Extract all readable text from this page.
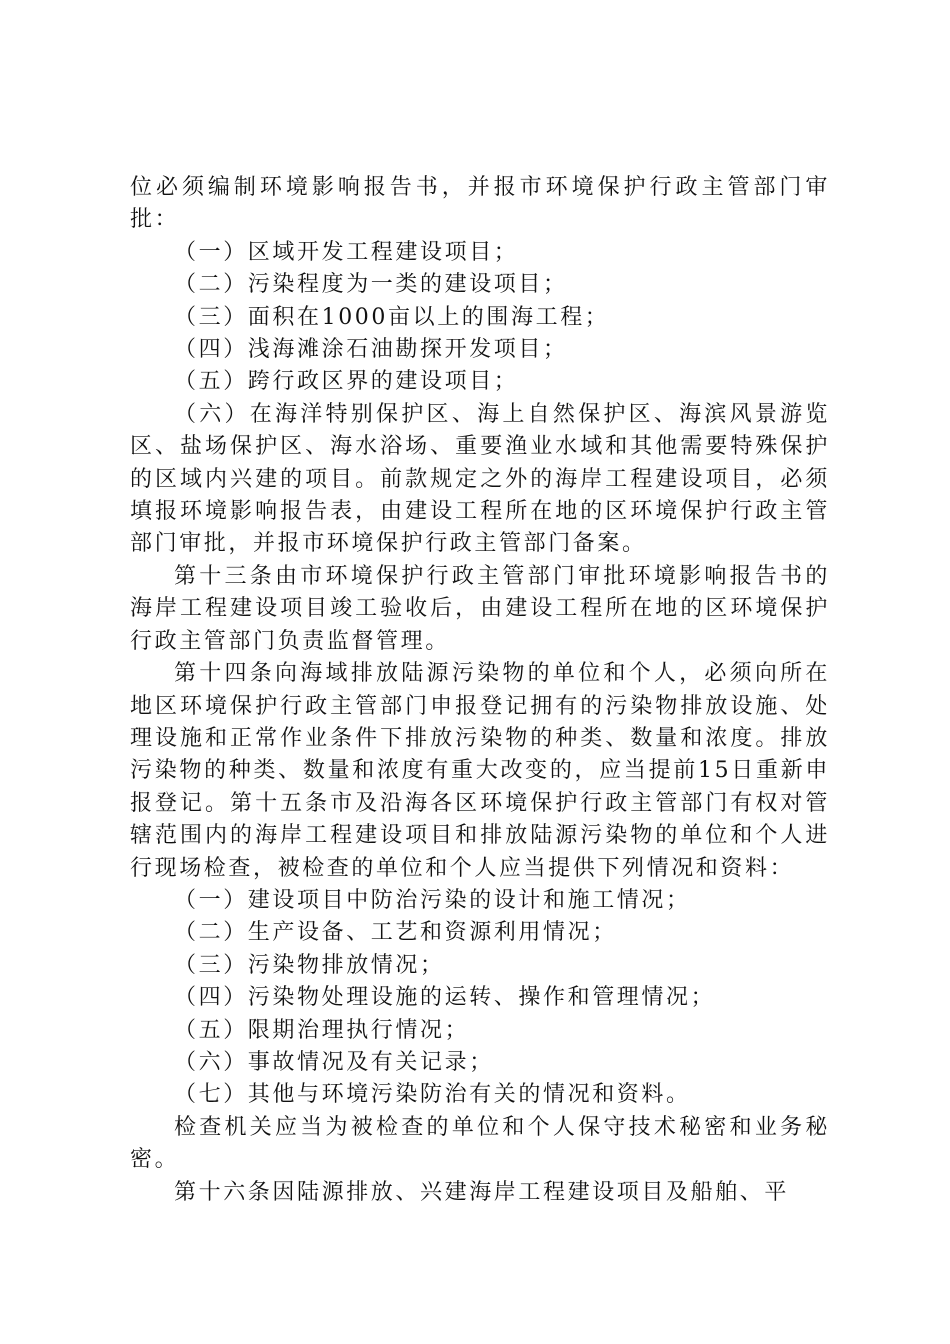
位必须编制环境影响报告书，并报市环境保护行政主管部门审批：

（一）区域开发工程建设项目；

（二）污染程度为一类的建设项目；

（三）面积在1000亩以上的围海工程；

（四）浅海滩涂石油勘探开发项目；

（五）跨行政区界的建设项目；

（六）在海洋特别保护区、海上自然保护区、海滨风景游览区、盐场保护区、海水浴场、重要渔业水域和其他需要特殊保护的区域内兴建的项目。前款规定之外的海岸工程建设项目，必须填报环境影响报告表，由建设工程所在地的区环境保护行政主管部门审批，并报市环境保护行政主管部门备案。

第十三条由市环境保护行政主管部门审批环境影响报告书的海岸工程建设项目竣工验收后，由建设工程所在地的区环境保护行政主管部门负责监督管理。

第十四条向海域排放陆源污染物的单位和个人，必须向所在地区环境保护行政主管部门申报登记拥有的污染物排放设施、处理设施和正常作业条件下排放污染物的种类、数量和浓度。排放污染物的种类、数量和浓度有重大改变的，应当提前15日重新申报登记。第十五条市及沿海各区环境保护行政主管部门有权对管辖范围内的海岸工程建设项目和排放陆源污染物的单位和个人进行现场检查，被检查的单位和个人应当提供下列情况和资料：

（一）建设项目中防治污染的设计和施工情况；

（二）生产设备、工艺和资源利用情况；

（三）污染物排放情况；

（四）污染物处理设施的运转、操作和管理情况；

（五）限期治理执行情况；

（六）事故情况及有关记录；

（七）其他与环境污染防治有关的情况和资料。

检查机关应当为被检查的单位和个人保守技术秘密和业务秘密。

第十六条因陆源排放、兴建海岸工程建设项目及船舶、平
